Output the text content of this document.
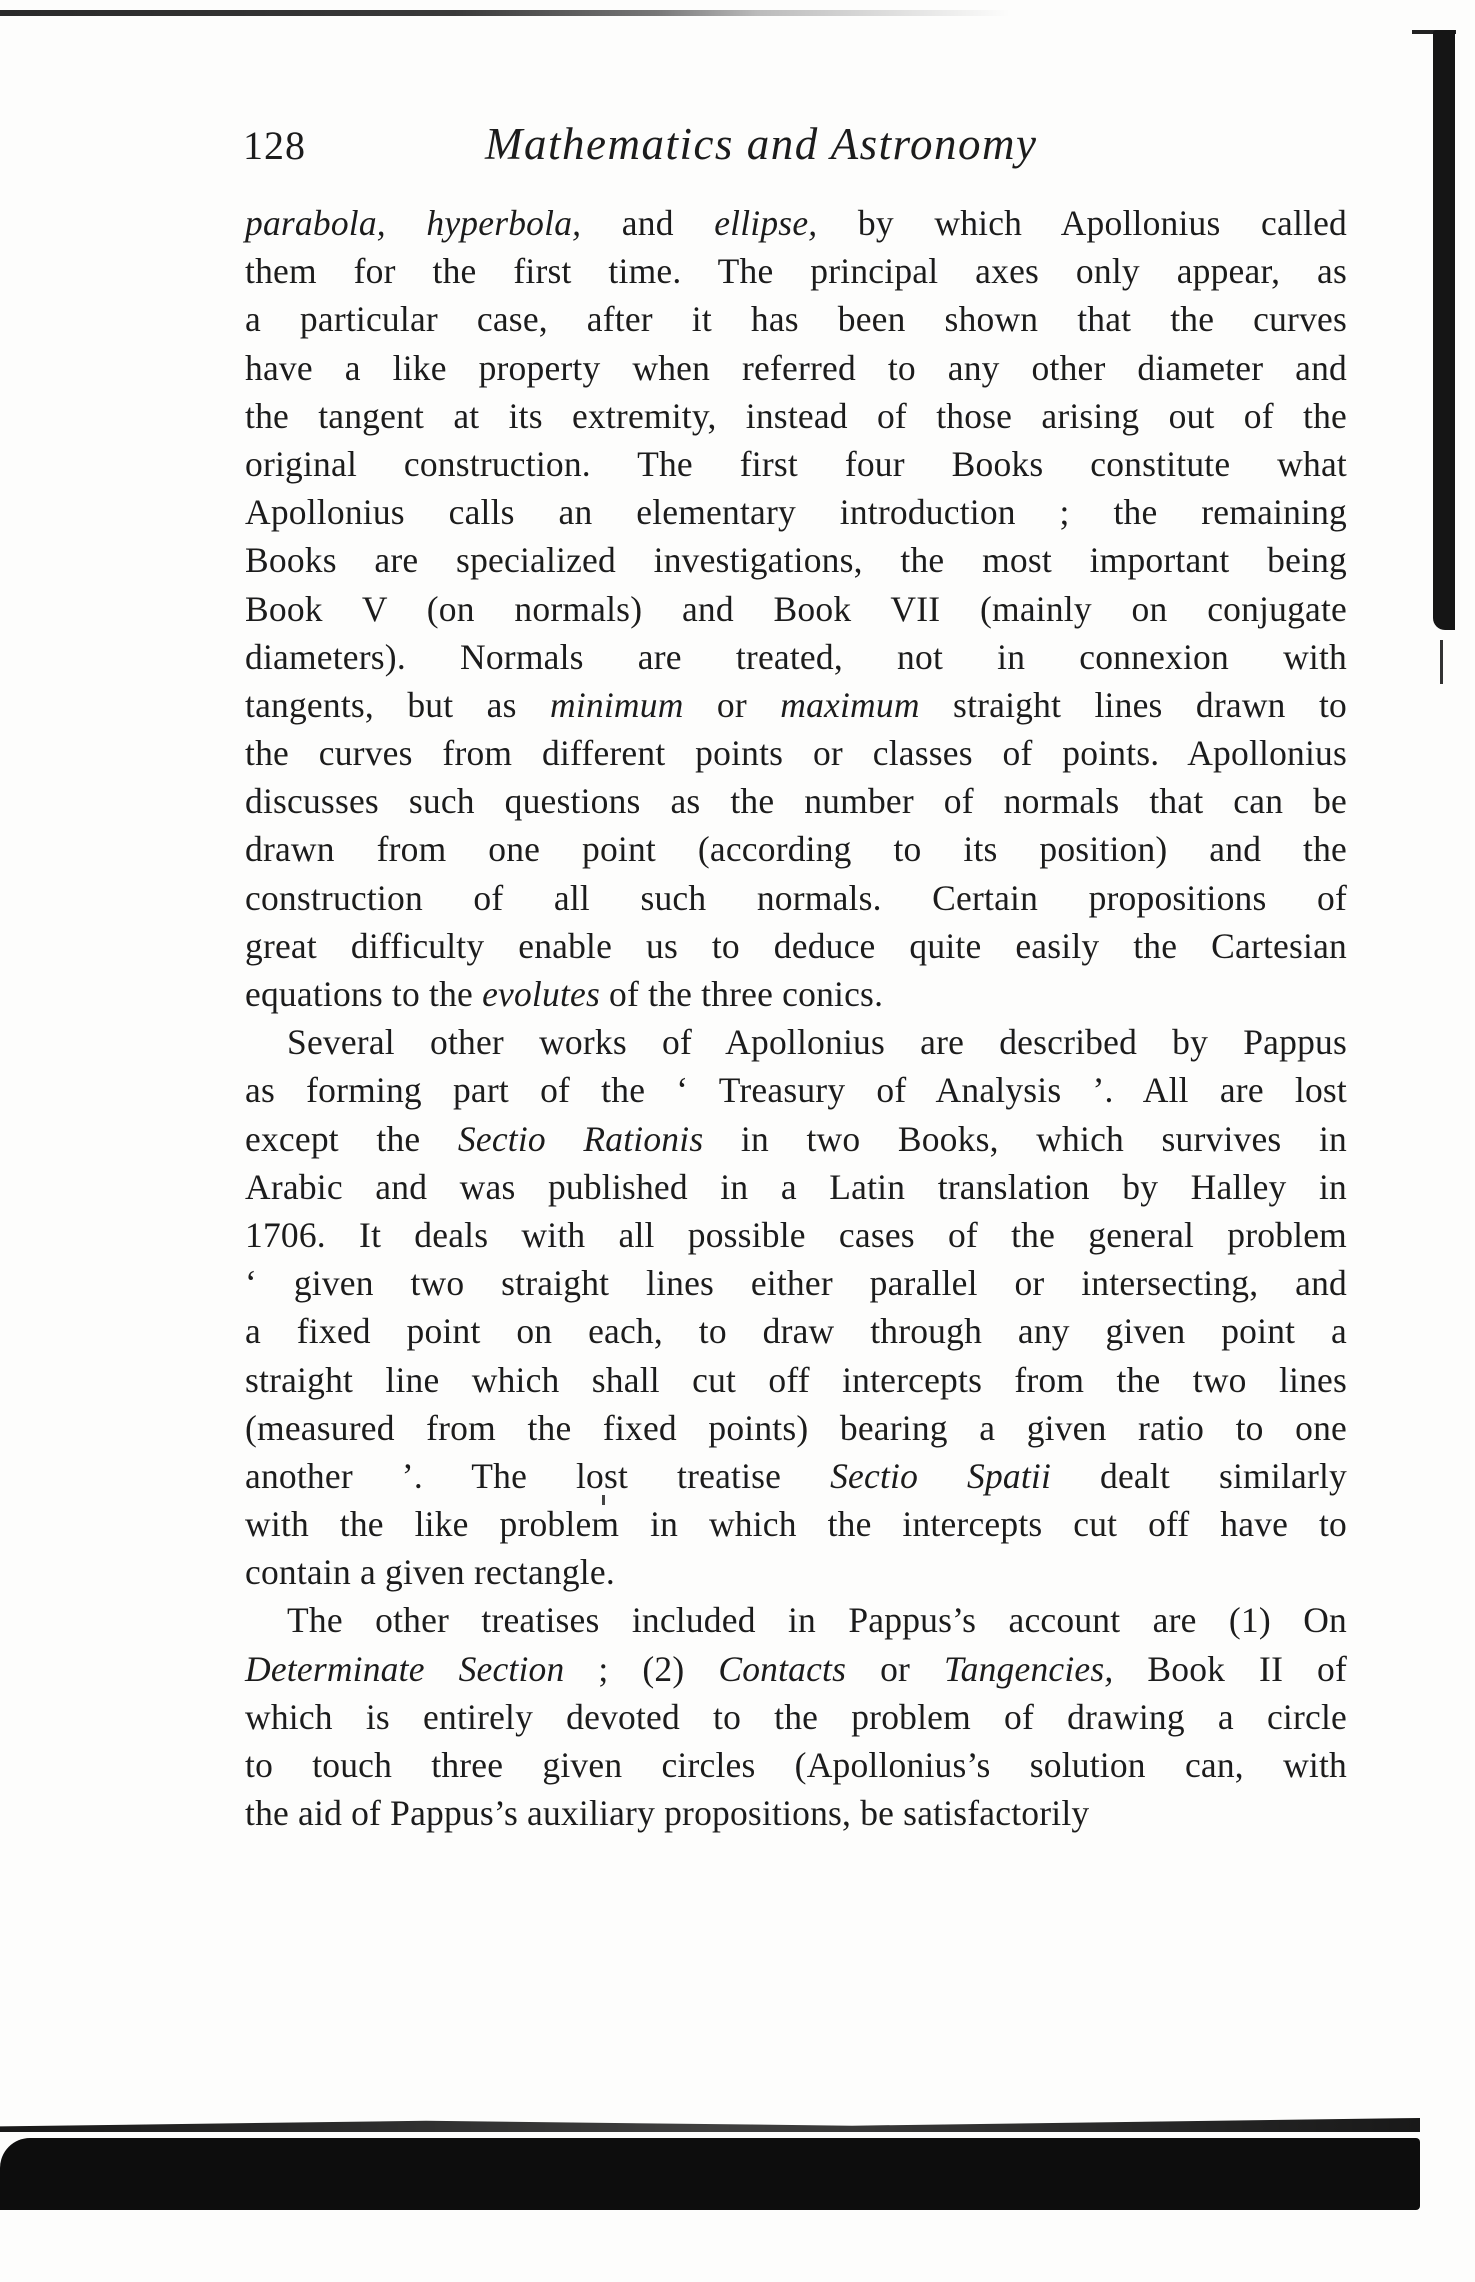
128	Mathematics and Astronomy
parabola, hyperbola, and ellipse, by which Apollonius called
them for the first time. The principal axes only appear, as
a particular case, after it has been shown that the curves
have a like property when referred to any other diameter and
the tangent at its extremity, instead of those arising out of the
original construction. The first four Books constitute what
Apollonius calls an elementary introduction ; the remaining
Books are specialized investigations, the most important being
Book V (on normals) and Book VII (mainly on conjugate
diameters). Normals are treated, not in connexion with
tangents, but as minimum or maximum straight lines drawn to
the curves from different points or classes of points. Apollonius
discusses such questions as the number of normals that can be
drawn from one point (according to its position) and the
construction of all such normals. Certain propositions of
great difficulty enable us to deduce quite easily the Cartesian
equations to the evolutes of the three conics.
Several other works of Apollonius are described by Pappus
as forming part of the ‘ Treasury of Analysis ’. All are lost
except the Sectio Rationis in two Books, which survives in
Arabic and was published in a Latin translation by Halley in
1706. It deals with all possible cases of the general problem
‘ given two straight lines either parallel or intersecting, and
a fixed point on each, to draw through any given point a
straight line which shall cut off intercepts from the two lines
(measured from the fixed points) bearing a given ratio to one
another ’. The lost treatise Sectio Spatii dealt similarly
with the like problem in which the intercepts cut off have to
contain a given rectangle.
The other treatises included in Pappus’s account are (1) On
Determinate Section ; (2) Contacts or Tangencies, Book II of
which is entirely devoted to the problem of drawing a circle
to touch three given circles (Apollonius’s solution can, with
the aid of Pappus’s auxiliary propositions, be satisfactorily
